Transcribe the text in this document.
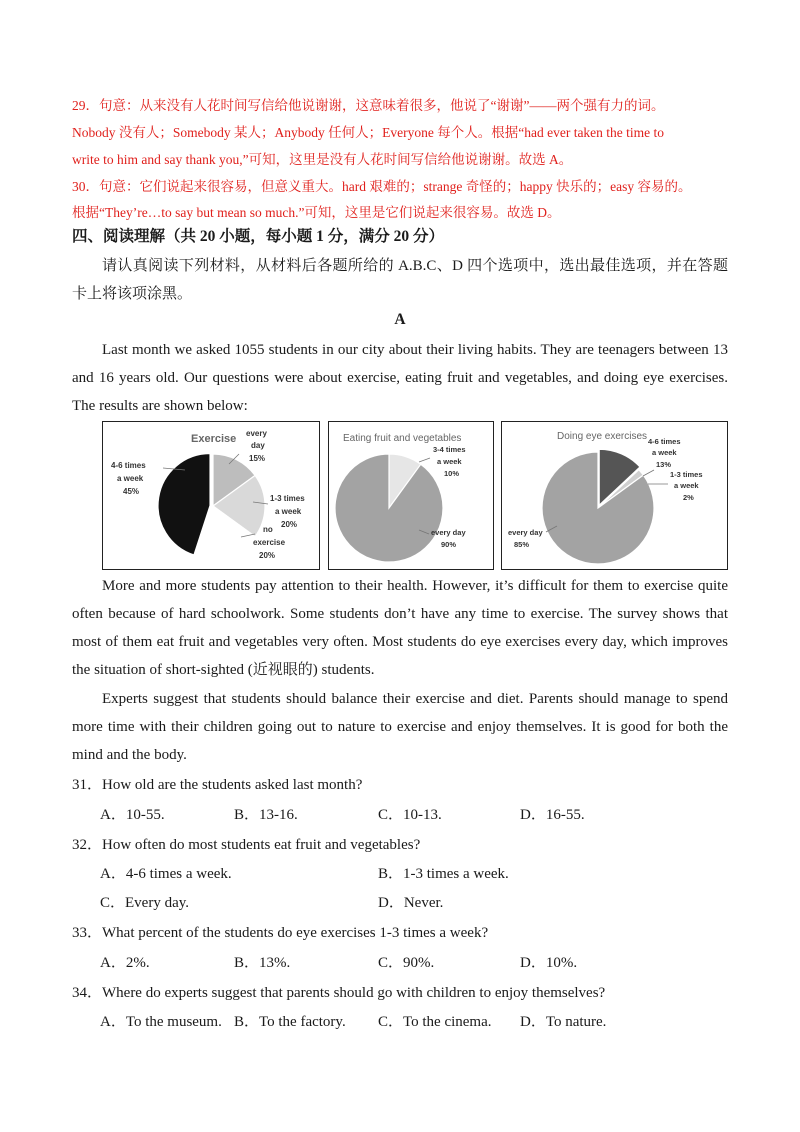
29．句意：从来没有人花时间写信给他说谢谢，这意味着很多，他说了“谢谢”——两个强有力的词。
Nobody 没有人；Somebody 某人；Anybody 任何人；Everyone 每个人。根据“had ever taken the time to
write to him and say thank you,”可知，这里是没有人花时间写信给他说谢谢。故选 A。
30．句意：它们说起来很容易，但意义重大。hard 艰难的；strange 奇怪的；happy 快乐的；easy 容易的。
根据“They’re…to say but mean so much.”可知，这里是它们说起来很容易。故选 D。
四、阅读理解（共 20 小题，每小题 1 分，满分 20 分）

请认真阅读下列材料，从材料后各题所给的 A.B.C、D 四个选项中，选出最佳选项，并在答题卡上将该项涂黑。

A

Last month we asked 1055 students in our city about their living habits. They are teenagers between 13 and 16 years old. Our questions were about exercise, eating fruit and vegetables, and doing eye exercises. The results are shown below:

Exercise every
day
15%
1-3 times
a week
20%
no
exercise
20%
4-6 times
a week
45%
Eating fruit and vegetables
3-4 times
a week
10%
every day
90%
Doing eye exercises 4-6 times
a week
13%
1-3 times
a week
2%
every day
85%

More and more students pay attention to their health. However, it’s difficult for them to exercise quite often because of hard schoolwork. Some students don’t have any time to exercise. The survey shows that most of them eat fruit and vegetables very often. Most students do eye exercises every day, which improves the situation of short-sighted (近视眼的) students.

Experts suggest that students should balance their exercise and diet. Parents should manage to spend more time with their children going out to nature to exercise and enjoy themselves. It is good for both the mind and the body.

31．How old are the students asked last month?
A．10-55.	B．13-16.	C．10-13.	D．16-55.
32．How often do most students eat fruit and vegetables?
A．4-6 times a week.	B．1-3 times a week.
C．Every day.	D．Never.
33．What percent of the students do eye exercises 1-3 times a week?
A．2%.	B．13%.	C．90%.	D．10%.
34．Where do experts suggest that parents should go with children to enjoy themselves?
A．To the museum. B．To the factory. C．To the cinema. D．To nature.
